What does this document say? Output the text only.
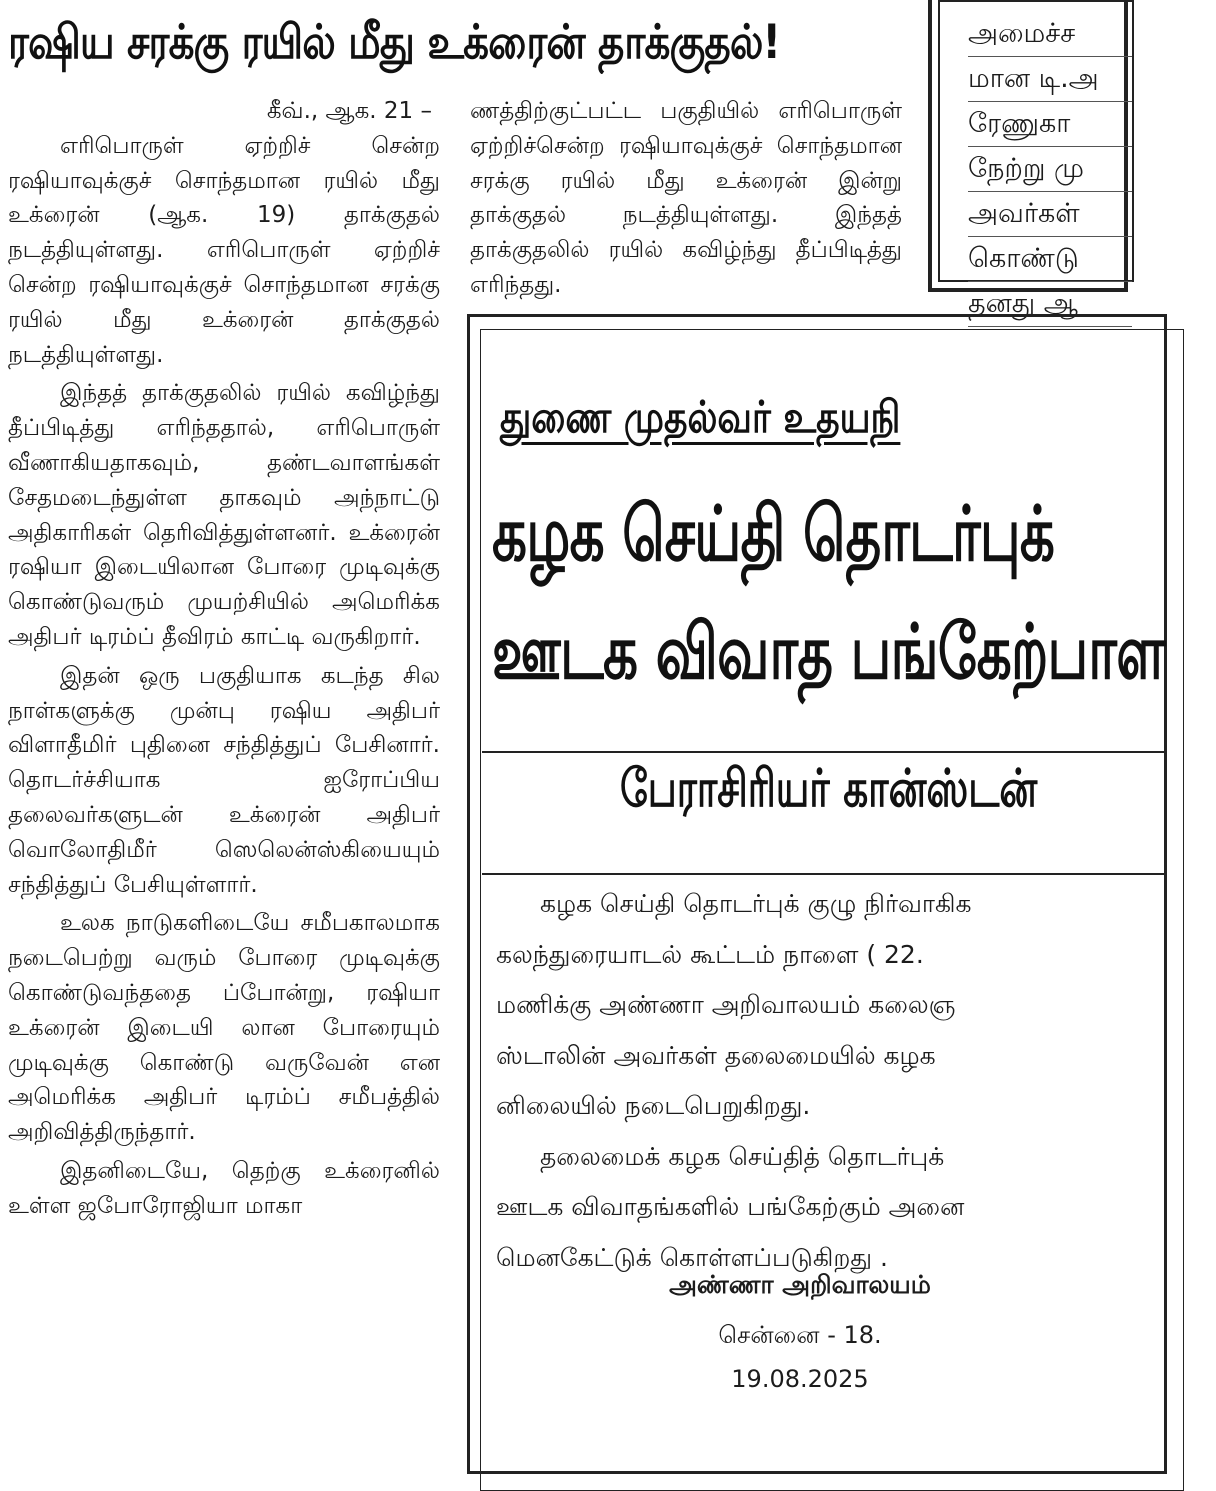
ரஷிய சரக்கு ரயில் மீது உக்ரைன் தாக்குதல்!

கீவ்., ஆக. 21 –

எரிபொருள் ஏற்றிச் சென்ற ரஷியாவுக்குச் சொந்தமான ரயில் மீது உக்ரைன் (ஆக. 19) தாக்குதல் நடத்தியுள்ளது. எரிபொருள் ஏற்றிச் சென்ற ரஷியாவுக்குச் சொந்தமான சரக்கு ரயில் மீது உக்ரைன் தாக்குதல் நடத்தியுள்ளது.

இந்தத் தாக்குதலில் ரயில் கவிழ்ந்து தீப்பிடித்து எரிந்ததால், எரிபொருள் வீணாகியதாகவும், தண்டவாளங்கள் சேதமடைந்துள்ள தாகவும் அந்நாட்டு அதிகாரிகள் தெரிவித்துள்ளனர். உக்ரைன் ரஷியா இடையிலான போரை முடிவுக்கு கொண்டுவரும் முயற்சியில் அமெரிக்க அதிபர் டிரம்ப் தீவிரம் காட்டி வருகிறார்.

இதன் ஒரு பகுதியாக கடந்த சில நாள்களுக்கு முன்பு ரஷிய அதிபர் விளாதீமிர் புதினை சந்தித்துப் பேசினார். தொடர்ச்சியாக ஐரோப்பிய தலைவர்களுடன் உக்ரைன் அதிபர் வொலோதிமீர் ஸெலென்ஸ்கியையும் சந்தித்துப் பேசியுள்ளார்.

உலக நாடுகளிடையே சமீபகாலமாக நடைபெற்று வரும் போரை முடிவுக்கு கொண்டுவந்ததை ப்போன்று, ரஷியா உக்ரைன் இடையி லான போரையும் முடிவுக்கு கொண்டு வருவேன் என அமெரிக்க அதிபர் டிரம்ப் சமீபத்தில் அறிவித்திருந்தார்.

இதனிடையே, தெற்கு உக்ரைனில் உள்ள ஜபோரோஜியா மாகா

ணத்திற்குட்பட்ட பகுதியில் எரிபொருள் ஏற்றிச்சென்ற ரஷியாவுக்குச் சொந்தமான சரக்கு ரயில் மீது உக்ரைன் இன்று தாக்குதல் நடத்தியுள்ளது. இந்தத் தாக்குதலில் ரயில் கவிழ்ந்து தீப்பிடித்து எரிந்தது.

அமைச்ச
மான டி.அ
ரேணுகா
நேற்று மு
அவர்கள்
கொண்டு
தனது ஆ
துணை முதல்வர் உதயநி
கழக செய்தி தொடர்புக்
ஊடக விவாத பங்கேற்பாள
பேராசிரியர் கான்ஸ்டன்
கழக செய்தி தொடர்புக் குழு நிர்வாகிக
கலந்துரையாடல் கூட்டம் நாளை ( 22.
மணிக்கு அண்ணா அறிவாலயம் கலைஞ
ஸ்டாலின் அவர்கள் தலைமையில் கழக
னிலையில் நடைபெறுகிறது.
தலைமைக் கழக செய்தித் தொடர்புக்
ஊடக விவாதங்களில் பங்கேற்கும் அனை
மெனகேட்டுக் கொள்ளப்படுகிறது .
அண்ணா அறிவாலயம்
சென்னை - 18.
19.08.2025
